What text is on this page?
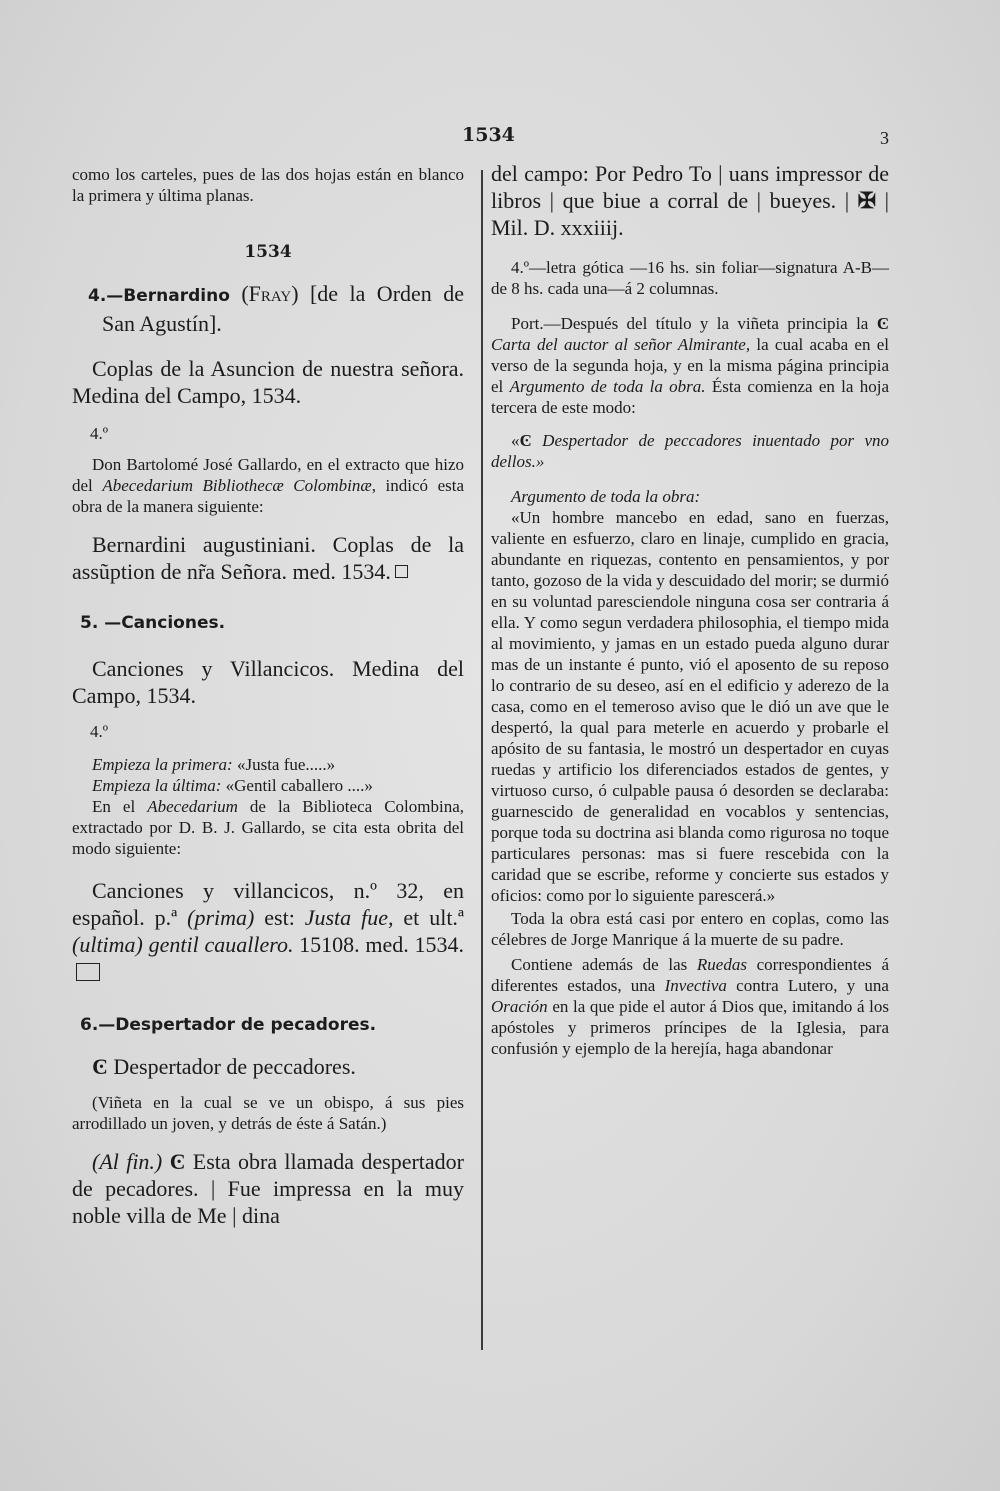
1534	3

como los carteles, pues de las dos hojas están en blanco la primera y última planas.

1534

4.—Bernardino (Fray) [de la Orden de San Agustín].

Coplas de la Asuncion de nuestra señora. Medina del Campo, 1534.

4.º

Don Bartolomé José Gallardo, en el extracto que hizo del Abecedarium Bibliothecæ Colombinæ, indicó esta obra de la manera siguiente:

Bernardini augustiniani. Coplas de la assũption de nr̃a Señora. med. 1534.

5. —Canciones.

Canciones y Villancicos. Medina del Campo, 1534.

4.º

Empieza la primera: «Justa fue.....»

Empieza la última: «Gentil caballero ....»

En el Abecedarium de la Biblioteca Colombina, extractado por D. B. J. Gallardo, se cita esta obrita del modo siguiente:

Canciones y villancicos, n.º 32, en español. p.ª (prima) est: Justa fue, et ult.ª (ultima) gentil cauallero. 15108. med. 1534.

6.—Despertador de pecadores.

Ͼ Despertador de peccadores.

(Viñeta en la cual se ve un obispo, á sus pies arrodillado un joven, y detrás de éste á Satán.)

(Al fin.) Ͼ Esta obra llamada despertador de pecadores. | Fue impressa en la muy noble villa de Me | dina

del campo: Por Pedro To | uans impressor de libros | que biue a corral de | bueyes. | ✠ | Mil. D. xxxiiij.

4.º—letra gótica —16 hs. sin foliar—signatura A-B—de 8 hs. cada una—á 2 columnas.

Port.—Después del título y la viñeta principia la Ͼ Carta del auctor al señor Almirante, la cual acaba en el verso de la segunda hoja, y en la misma página principia el Argumento de toda la obra. Ésta comienza en la hoja tercera de este modo:

«Ͼ Despertador de peccadores inuentado por vno dellos.»

Argumento de toda la obra:

«Un hombre mancebo en edad, sano en fuerzas, valiente en esfuerzo, claro en linaje, cumplido en gracia, abundante en riquezas, contento en pensamientos, y por tanto, gozoso de la vida y descuidado del morir; se durmió en su voluntad paresciendole ninguna cosa ser contraria á ella. Y como segun verdadera philosophia, el tiempo mida al movimiento, y jamas en un estado pueda alguno durar mas de un instante é punto, vió el aposento de su reposo lo contrario de su deseo, así en el edificio y aderezo de la casa, como en el temeroso aviso que le dió un ave que le despertó, la qual para meterle en acuerdo y probarle el apósito de su fantasia, le mostró un despertador en cuyas ruedas y artificio los diferenciados estados de gentes, y virtuoso curso, ó culpable pausa ó desorden se declaraba: guarnescido de generalidad en vocablos y sentencias, porque toda su doctrina asi blanda como rigurosa no toque particulares personas: mas si fuere rescebida con la caridad que se escribe, reforme y concierte sus estados y oficios: como por lo siguiente parescerá.»

Toda la obra está casi por entero en coplas, como las célebres de Jorge Manrique á la muerte de su padre.

Contiene además de las Ruedas correspondientes á diferentes estados, una Invectiva contra Lutero, y una Oración en la que pide el autor á Dios que, imitando á los apóstoles y primeros príncipes de la Iglesia, para confusión y ejemplo de la herejía, haga abandonar
